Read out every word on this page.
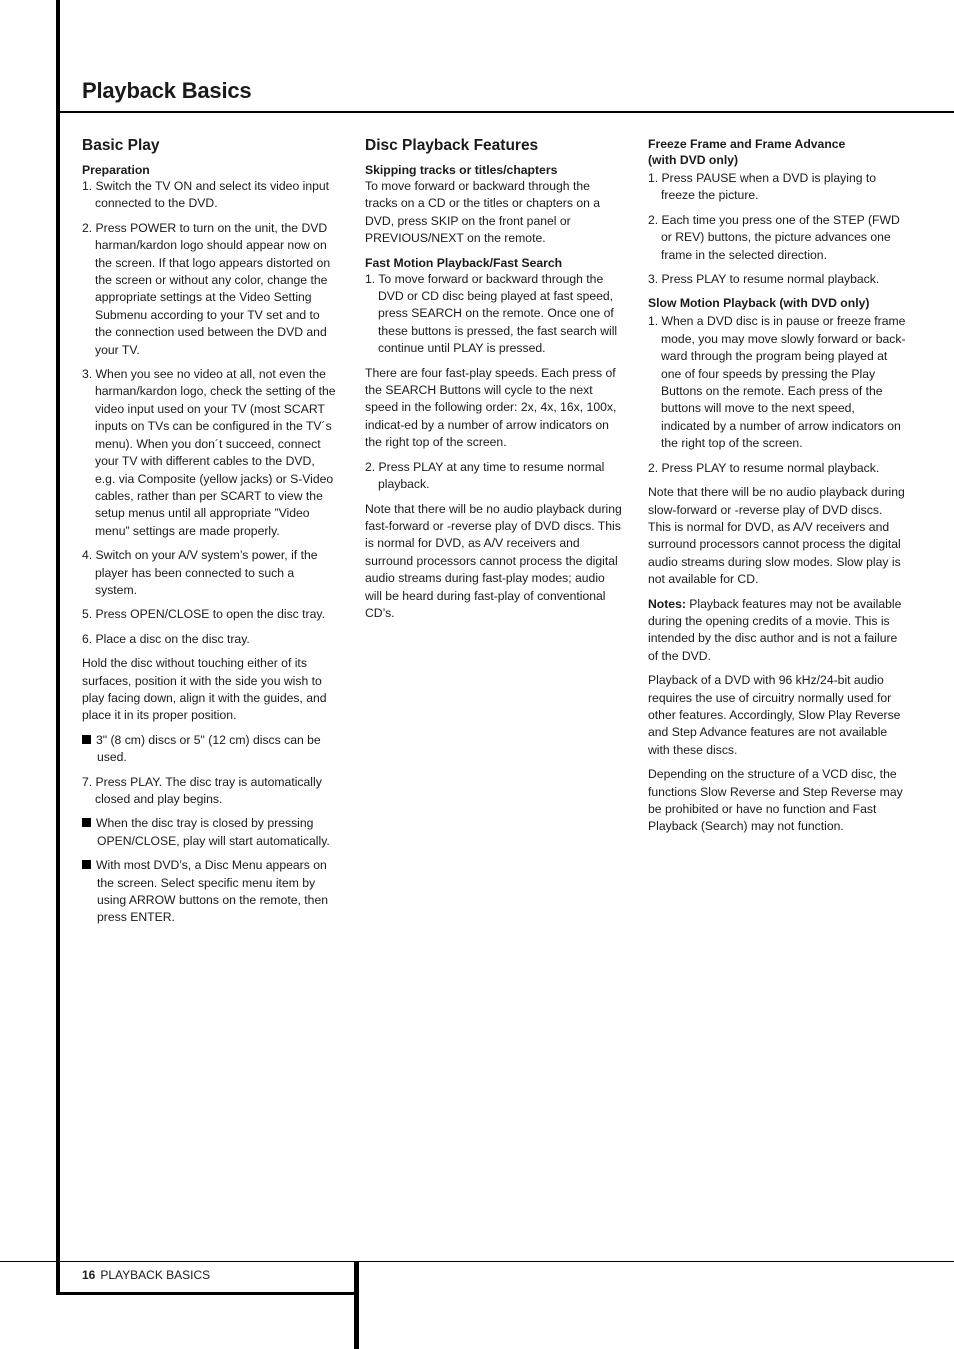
Playback Basics
Basic Play
Preparation

1. Switch the TV ON and select its video input connected to the DVD.

2. Press POWER to turn on the unit, the DVD harman/kardon logo should appear now on the screen. If that logo appears distorted on the screen or without any color, change the appropriate settings at the Video Setting Submenu according to your TV set and to the connection used between the DVD and your TV.

3. When you see no video at all, not even the harman/kardon logo, check the setting of the video input used on your TV (most SCART inputs on TVs can be configured in the TV´s menu). When you don´t succeed, connect your TV with different cables to the DVD, e.g. via Composite (yellow jacks) or S-Video cables, rather than per SCART to view the setup menus until all appropriate ”Video menu” settings are made properly.

4. Switch on your A/V system’s power, if the player has been connected to such a system.

5. Press OPEN/CLOSE to open the disc tray.

6. Place a disc on the disc tray.

Hold the disc without touching either of its surfaces, position it with the side you wish to play facing down, align it with the guides, and place it in its proper position.

3" (8 cm) discs or 5" (12 cm) discs can be used.

7. Press PLAY. The disc tray is automatically closed and play begins.

When the disc tray is closed by pressing OPEN/CLOSE, play will start automatically.

With most DVD’s, a Disc Menu appears on the screen. Select specific menu item by using ARROW buttons on the remote, then press ENTER.

Disc Playback Features
Skipping tracks or titles/chapters

To move forward or backward through the tracks on a CD or the titles or chapters on a DVD, press SKIP on the front panel or PREVIOUS/NEXT on the remote.

Fast Motion Playback/Fast Search

1. To move forward or backward through the DVD or CD disc being played at fast speed, press SEARCH on the remote. Once one of these buttons is pressed, the fast search will continue until PLAY is pressed.

There are four fast-play speeds. Each press of the SEARCH Buttons will cycle to the next speed in the following order: 2x, 4x, 16x, 100x, indicat-ed by a number of arrow indicators on the right top of the screen.

2. Press PLAY at any time to resume normal playback.

Note that there will be no audio playback during fast-forward or -reverse play of DVD discs. This is normal for DVD, as A/V receivers and surround processors cannot process the digital audio streams during fast-play modes; audio will be heard during fast-play of conventional CD’s.

Freeze Frame and Frame Advance
(with DVD only)

1. Press PAUSE when a DVD is playing to freeze the picture.

2. Each time you press one of the STEP (FWD or REV) buttons, the picture advances one frame in the selected direction.

3. Press PLAY to resume normal playback.

Slow Motion Playback (with DVD only)

1. When a DVD disc is in pause or freeze frame mode, you may move slowly forward or back-ward through the program being played at one of four speeds by pressing the Play Buttons on the remote. Each press of the buttons will move to the next speed, indicated by a number of arrow indicators on the right top of the screen.

2. Press PLAY to resume normal playback.

Note that there will be no audio playback during slow-forward or -reverse play of DVD discs. This is normal for DVD, as A/V receivers and surround processors cannot process the digital audio streams during slow modes. Slow play is not available for CD.

Notes: Playback features may not be available during the opening credits of a movie. This is intended by the disc author and is not a failure of the DVD.

Playback of a DVD with 96 kHz/24-bit audio requires the use of circuitry normally used for other features. Accordingly, Slow Play Reverse and Step Advance features are not available with these discs.

Depending on the structure of a VCD disc, the functions Slow Reverse and Step Reverse may be prohibited or have no function and Fast Playback (Search) may not function.

16 PLAYBACK BASICS
